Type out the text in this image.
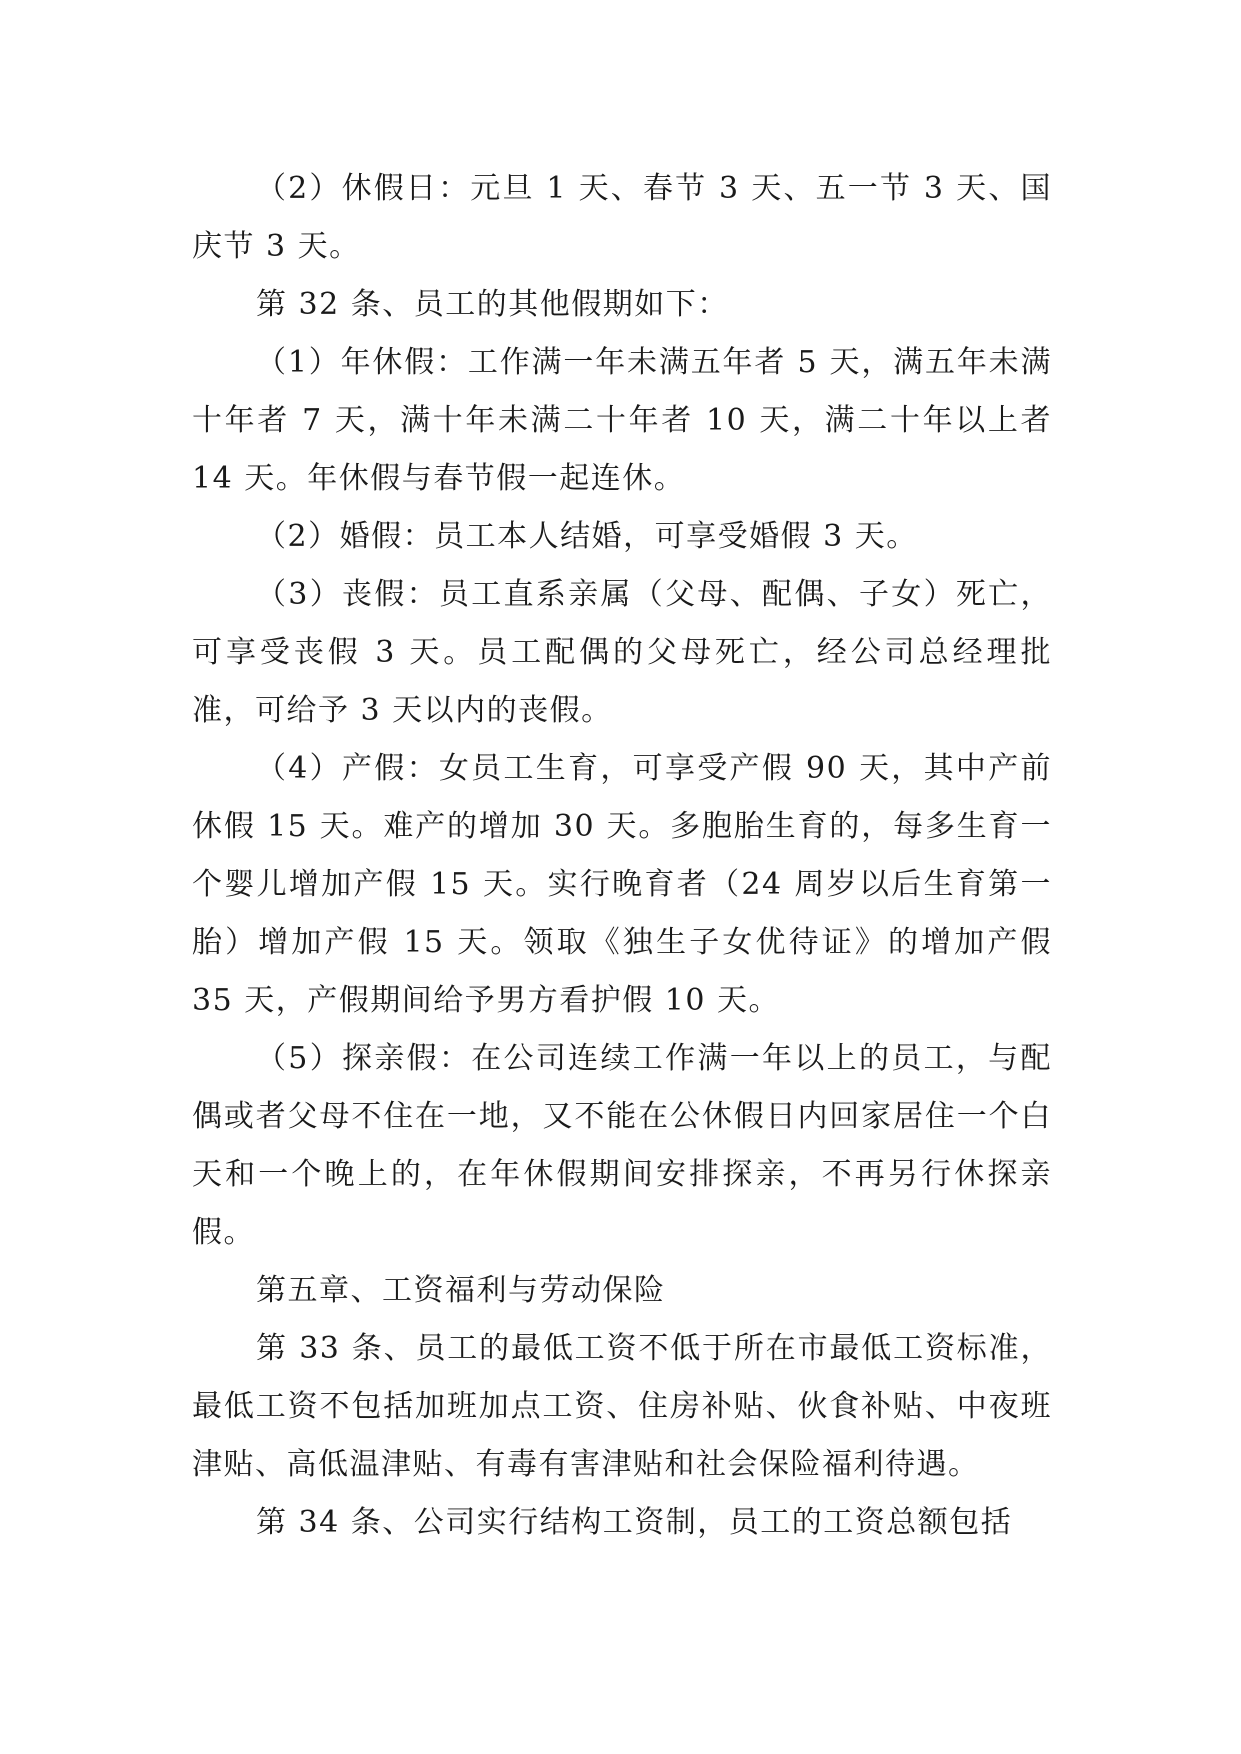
（2）休假日：元旦 1 天、春节 3 天、五一节 3 天、国庆节 3 天。

第 32 条、员工的其他假期如下：

（1）年休假：工作满一年未满五年者 5 天，满五年未满十年者 7 天，满十年未满二十年者 10 天，满二十年以上者 14 天。年休假与春节假一起连休。

（2）婚假：员工本人结婚，可享受婚假 3 天。

（3）丧假：员工直系亲属（父母、配偶、子女）死亡，可享受丧假 3 天。员工配偶的父母死亡，经公司总经理批准，可给予 3 天以内的丧假。

（4）产假：女员工生育，可享受产假 90 天，其中产前休假 15 天。难产的增加 30 天。多胞胎生育的，每多生育一个婴儿增加产假 15 天。实行晚育者（24 周岁以后生育第一胎）增加产假 15 天。领取《独生子女优待证》的增加产假 35 天，产假期间给予男方看护假 10 天。

（5）探亲假：在公司连续工作满一年以上的员工，与配偶或者父母不住在一地，又不能在公休假日内回家居住一个白天和一个晚上的，在年休假期间安排探亲，不再另行休探亲假。

第五章、工资福利与劳动保险

第 33 条、员工的最低工资不低于所在市最低工资标准，最低工资不包括加班加点工资、住房补贴、伙食补贴、中夜班津贴、高低温津贴、有毒有害津贴和社会保险福利待遇。

第 34 条、公司实行结构工资制，员工的工资总额包括
